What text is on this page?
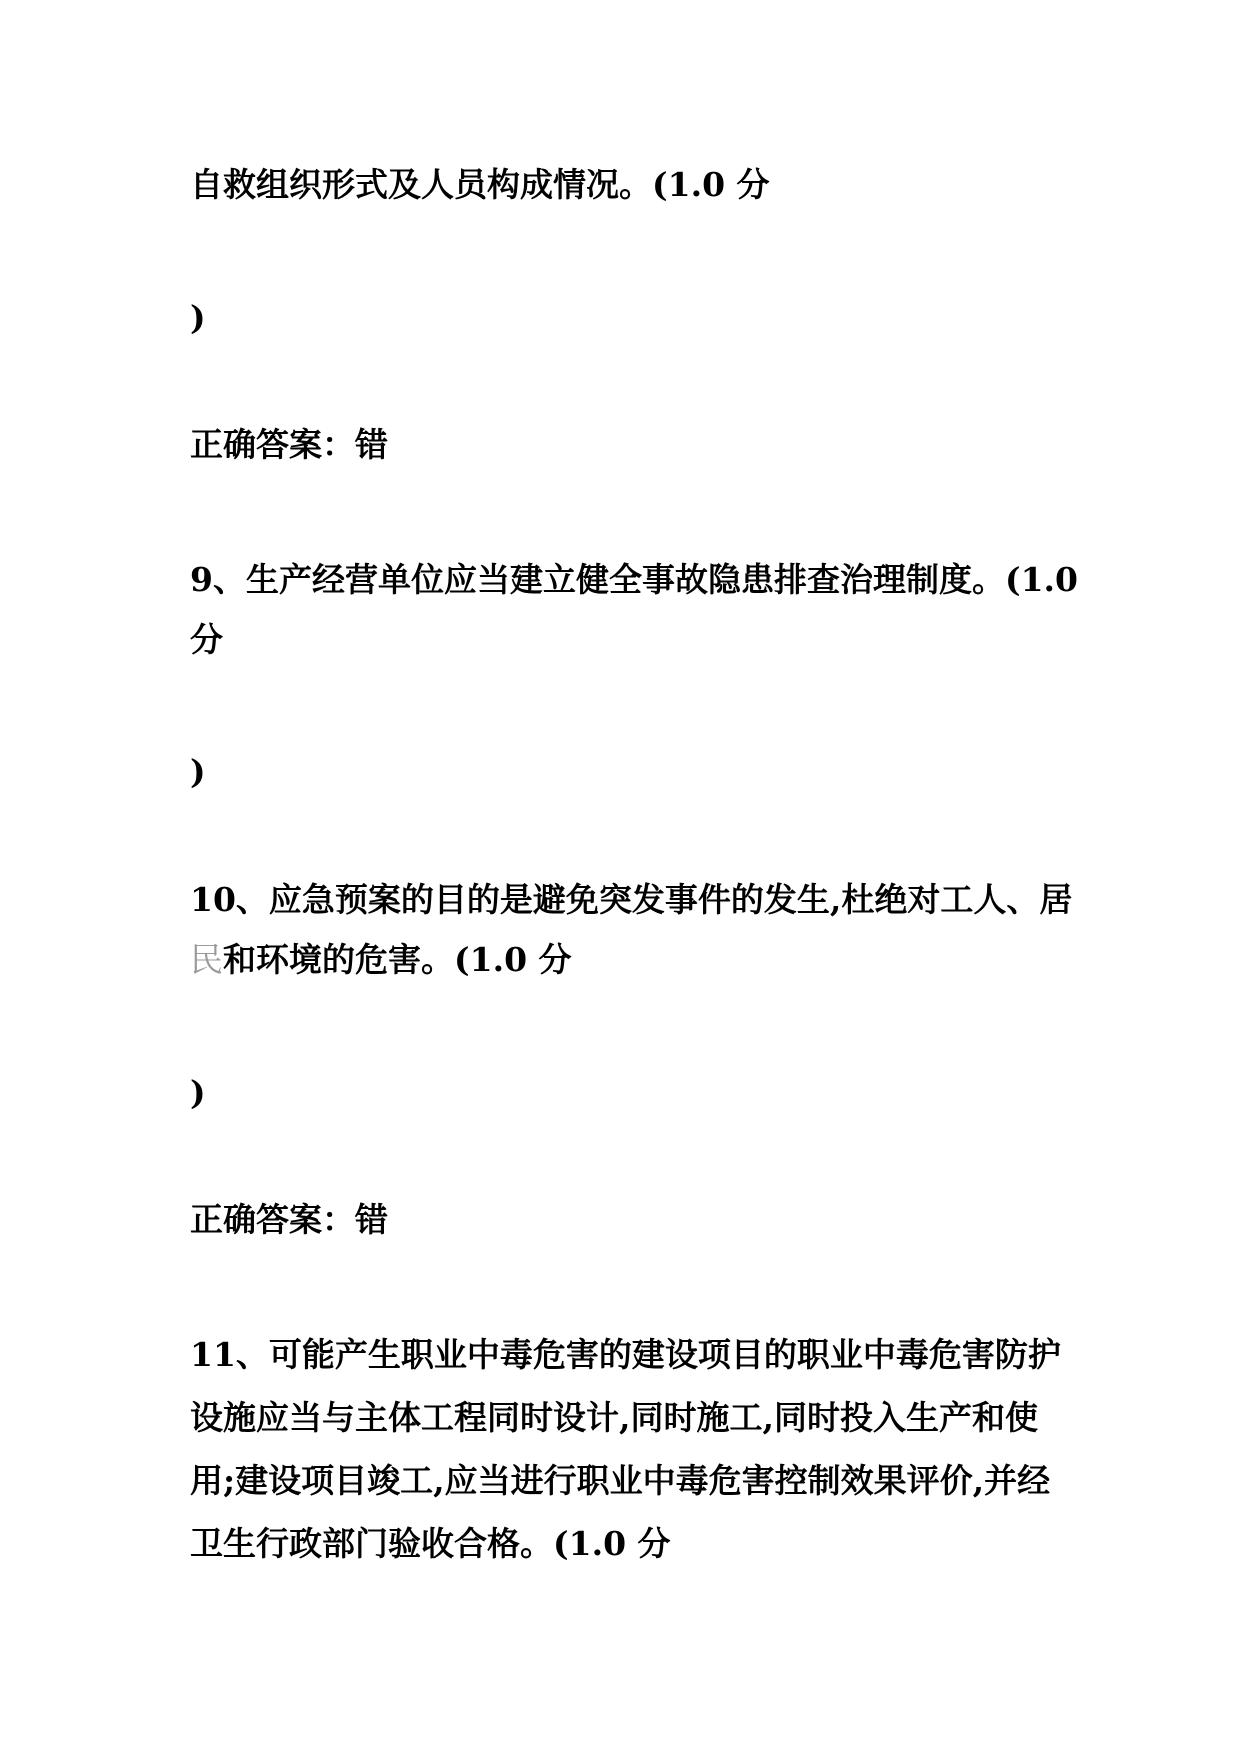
自救组织形式及人员构成情况。(1.0 分
)
正确答案：错
9、生产经营单位应当建立健全事故隐患排查治理制度。(1.0
分
)
10、应急预案的目的是避免突发事件的发生,杜绝对工人、居
民和环境的危害。(1.0 分
)
正确答案：错
11、可能产生职业中毒危害的建设项目的职业中毒危害防护
设施应当与主体工程同时设计,同时施工,同时投入生产和使
用;建设项目竣工,应当进行职业中毒危害控制效果评价,并经
卫生行政部门验收合格。(1.0 分
